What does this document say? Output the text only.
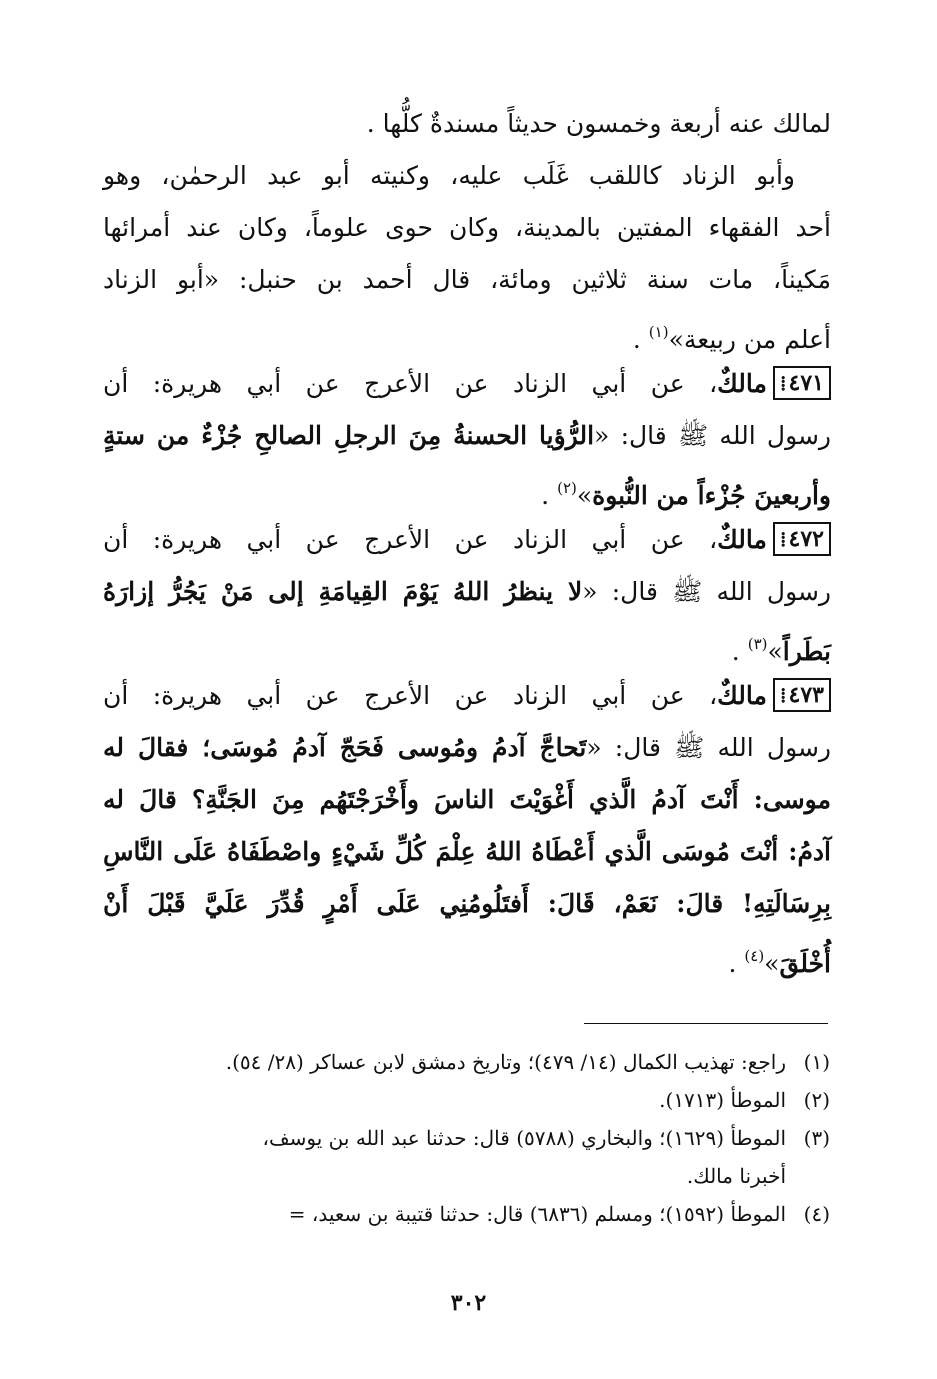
لمالك عنه أربعة وخمسون حديثاً مسندةٌ كلُّها .
وأبو الزناد كاللقب غَلَب عليه، وكنيته أبو عبد الرحمٰن، وهو
أحد الفقهاء المفتين بالمدينة، وكان حوى علوماً، وكان عند أمرائها
مَكيناً، مات سنة ثلاثين ومائة، قال أحمد بن حنبل: «أبو الزناد
أعلم من ربيعة»$^{(١)}$ .
٤٧١ ⁞مالكٌ، عن أبي الزناد عن الأعرج عن أبي هريرة: أن
رسول الله ﷺ قال: «الرُّؤيا الحسنةُ مِنَ الرجلِ الصالحِ جُزْءٌ من ستةٍ
وأربعينَ جُزْءاً من النُّبوة»$^{(٢)}$ .
٤٧٢ ⁞مالكٌ، عن أبي الزناد عن الأعرج عن أبي هريرة: أن
رسول الله ﷺ قال: «لا ينظرُ اللهُ يَوْمَ القِيامَةِ إلى مَنْ يَجُرُّ إزارَهُ
بَطَراً»$^{(٣)}$ .
٤٧٣ ⁞مالكٌ، عن أبي الزناد عن الأعرج عن أبي هريرة: أن
رسول الله ﷺ قال: «تَحاجَّ آدمُ ومُوسى فَحَجّ آدمُ مُوسَى؛ فقالَ له
موسى: أَنْتَ آدمُ الَّذي أَغْوَيْتَ الناسَ وأَخْرَجْتَهُم مِنَ الجَنَّةِ؟ قالَ له
آدمُ: أنْتَ مُوسَى الَّذي أَعْطَاهُ اللهُ عِلْمَ كُلِّ شَيْءٍ واصْطَفَاهُ عَلَى النَّاسِ
بِرِسَالَتِهِ! قالَ: نَعَمْ، قَالَ: أَفتَلُومُنِي عَلَى أَمْرٍ قُدِّرَ عَلَيَّ قَبْلَ أَنْ
أُخْلَقَ»$^{(٤)}$ .
(١)راجع: تهذيب الكمال (١٤/ ٤٧٩)؛ وتاريخ دمشق لابن عساكر (٢٨/ ٥٤).
(٢)الموطأ (١٧١٣).
(٣)الموطأ (١٦٢٩)؛ والبخاري (٥٧٨٨) قال: حدثنا عبد الله بن يوسف،
أخبرنا مالك.
(٤)الموطأ (١٥٩٢)؛ ومسلم (٦٨٣٦) قال: حدثنا قتيبة بن سعيد، =
٣٠٢
